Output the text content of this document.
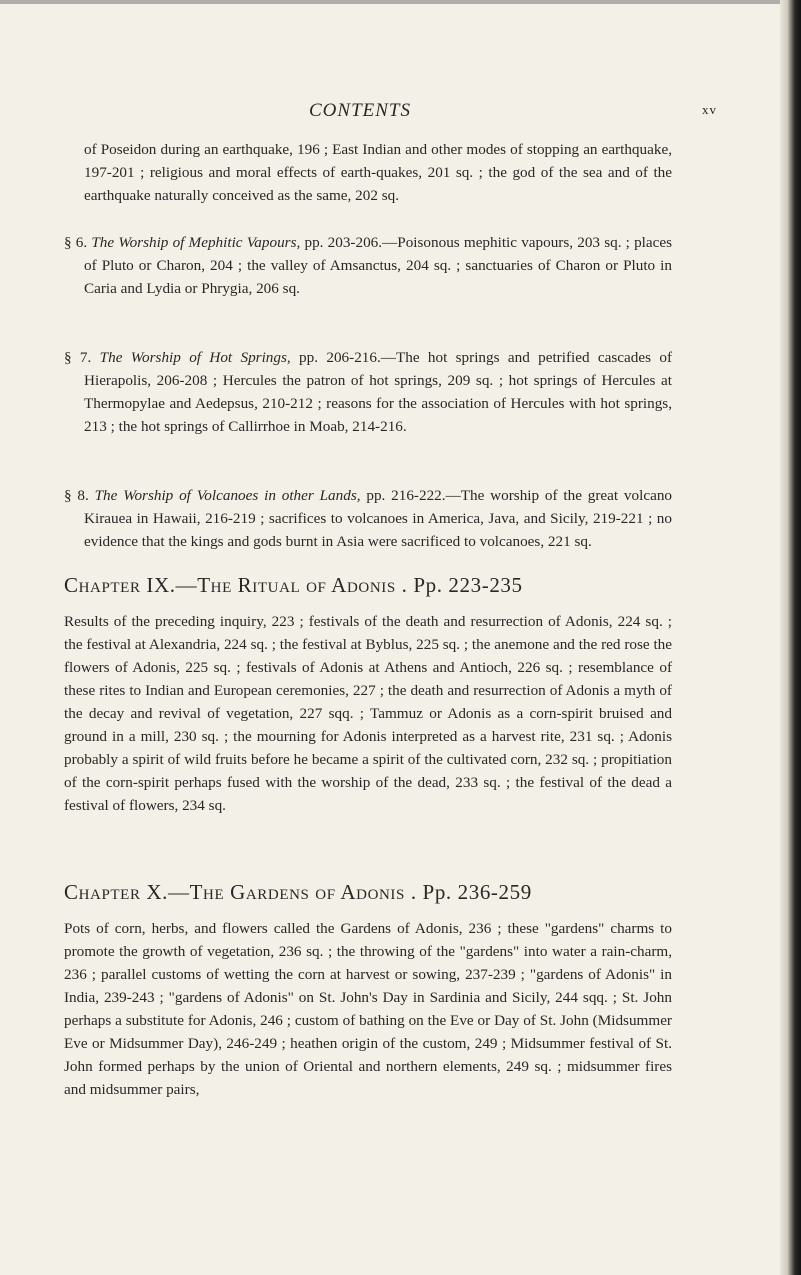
CONTENTS	xv

of Poseidon during an earthquake, 196 ; East Indian and other modes of stopping an earthquake, 197-201 ; religious and moral effects of earth-quakes, 201 sq. ; the god of the sea and of the earthquake naturally conceived as the same, 202 sq.

§ 6. The Worship of Mephitic Vapours, pp. 203-206.—Poisonous mephitic vapours, 203 sq. ; places of Pluto or Charon, 204 ; the valley of Amsanctus, 204 sq. ; sanctuaries of Charon or Pluto in Caria and Lydia or Phrygia, 206 sq.

§ 7. The Worship of Hot Springs, pp. 206-216.—The hot springs and petrified cascades of Hierapolis, 206-208 ; Hercules the patron of hot springs, 209 sq. ; hot springs of Hercules at Thermopylae and Aedepsus, 210-212 ; reasons for the association of Hercules with hot springs, 213 ; the hot springs of Callirrhoe in Moab, 214-216.

§ 8. The Worship of Volcanoes in other Lands, pp. 216-222.—The worship of the great volcano Kirauea in Hawaii, 216-219 ; sacrifices to volcanoes in America, Java, and Sicily, 219-221 ; no evidence that the kings and gods burnt in Asia were sacrificed to volcanoes, 221 sq.

Chapter IX.—The Ritual of Adonis . Pp. 223-235

Results of the preceding inquiry, 223 ; festivals of the death and resurrection of Adonis, 224 sq. ; the festival at Alexandria, 224 sq. ; the festival at Byblus, 225 sq. ; the anemone and the red rose the flowers of Adonis, 225 sq. ; festivals of Adonis at Athens and Antioch, 226 sq. ; resemblance of these rites to Indian and European ceremonies, 227 ; the death and resurrection of Adonis a myth of the decay and revival of vegetation, 227 sqq. ; Tammuz or Adonis as a corn-spirit bruised and ground in a mill, 230 sq. ; the mourning for Adonis interpreted as a harvest rite, 231 sq. ; Adonis probably a spirit of wild fruits before he became a spirit of the cultivated corn, 232 sq. ; propitiation of the corn-spirit perhaps fused with the worship of the dead, 233 sq. ; the festival of the dead a festival of flowers, 234 sq.

Chapter X.—The Gardens of Adonis . Pp. 236-259

Pots of corn, herbs, and flowers called the Gardens of Adonis, 236 ; these "gardens" charms to promote the growth of vegetation, 236 sq. ; the throwing of the "gardens" into water a rain-charm, 236 ; parallel customs of wetting the corn at harvest or sowing, 237-239 ; "gardens of Adonis" in India, 239-243 ; "gardens of Adonis" on St. John's Day in Sardinia and Sicily, 244 sqq. ; St. John perhaps a substitute for Adonis, 246 ; custom of bathing on the Eve or Day of St. John (Midsummer Eve or Midsummer Day), 246-249 ; heathen origin of the custom, 249 ; Midsummer festival of St. John formed perhaps by the union of Oriental and northern elements, 249 sq. ; midsummer fires and midsummer pairs,
